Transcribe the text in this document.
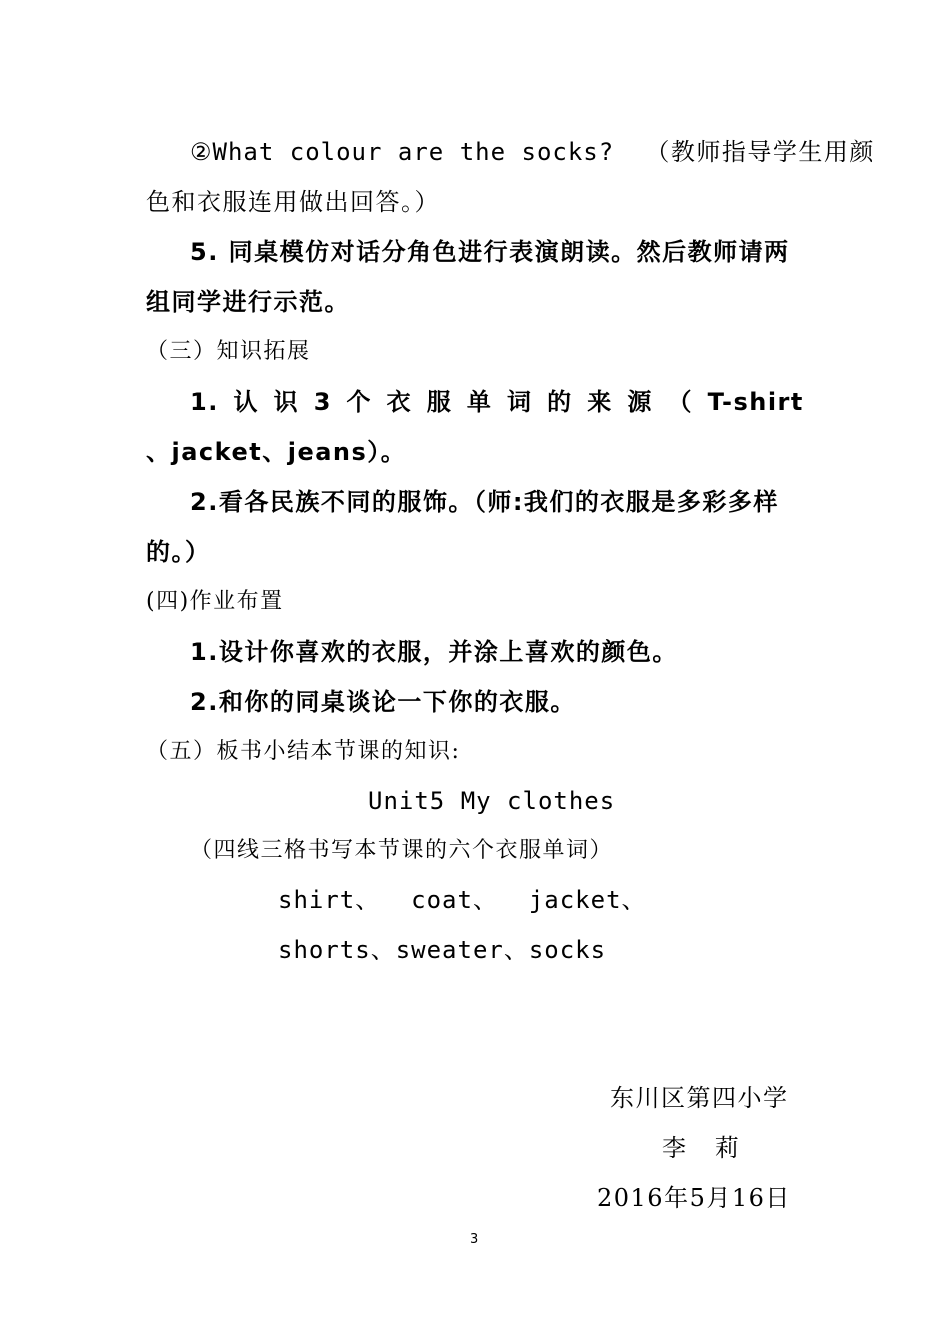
②What colour are the socks? （教师指导学生用颜
色和衣服连用做出回答。）
5. 同桌模仿对话分角色进行表演朗读。然后教师请两
组同学进行示范。
（三）知识拓展
1. 认 识 3 个 衣 服 单 词 的 来 源 （ T-shirt
、jacket、jeans）。
2.看各民族不同的服饰。（师:我们的衣服是多彩多样
的。）
(四)作业布置
1.设计你喜欢的衣服，并涂上喜欢的颜色。
2.和你的同桌谈论一下你的衣服。
（五）板书小结本节课的知识:
Unit5 My clothes
（四线三格书写本节课的六个衣服单词）
shirt、  coat、  jacket、
shorts、sweater、socks
东川区第四小学
李   莉
2016年5月16日
3
